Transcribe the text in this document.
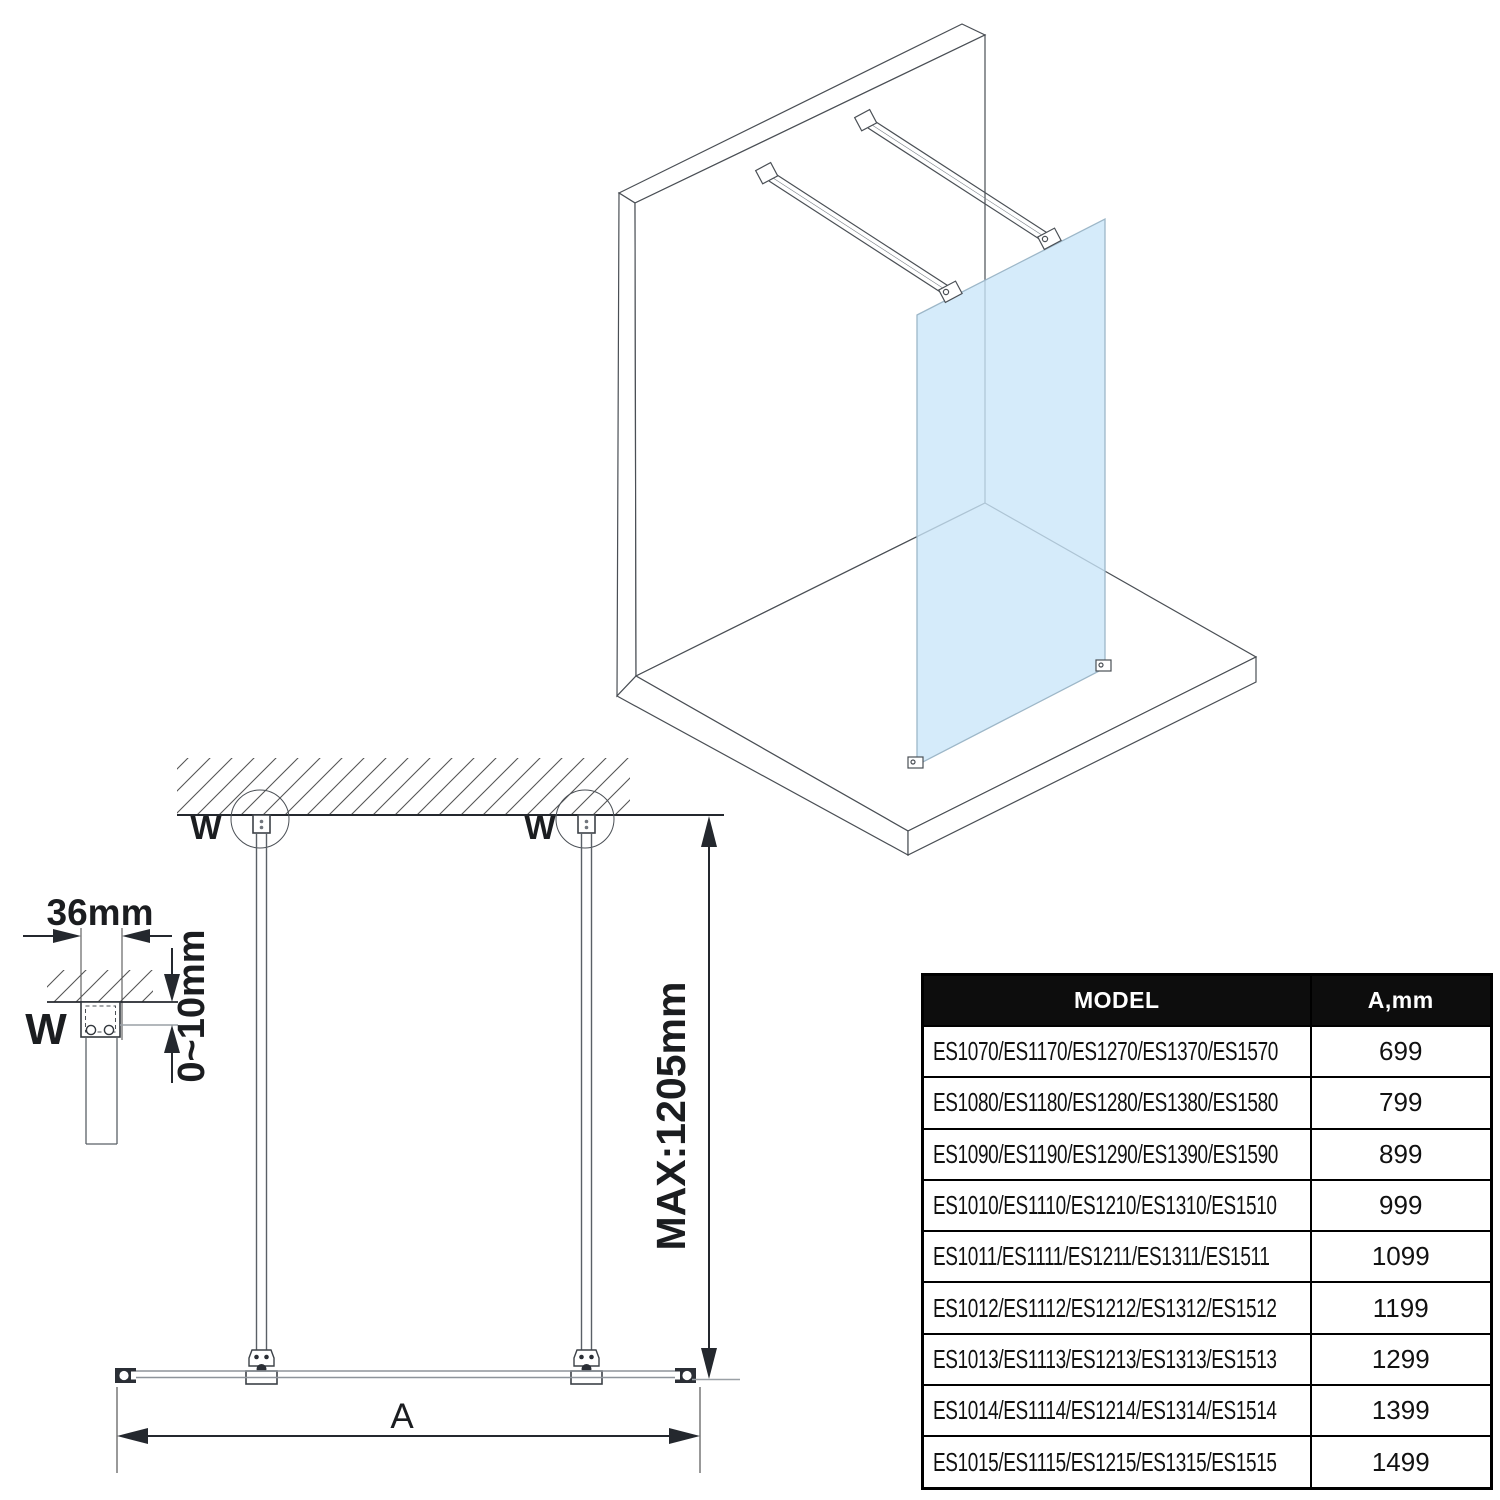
W	W
MAX:1205mm
A
36mm
W	0~10mm	MODEL	A,mm
ES1070/ES1170/ES1270/ES1370/ES1570	699
ES1080/ES1180/ES1280/ES1380/ES1580	799
ES1090/ES1190/ES1290/ES1390/ES1590	899
ES1010/ES1110/ES1210/ES1310/ES1510	999
ES1011/ES1111/ES1211/ES1311/ES1511	1099
ES1012/ES1112/ES1212/ES1312/ES1512	1199
ES1013/ES1113/ES1213/ES1313/ES1513	1299
ES1014/ES1114/ES1214/ES1314/ES1514	1399
ES1015/ES1115/ES1215/ES1315/ES1515	1499
